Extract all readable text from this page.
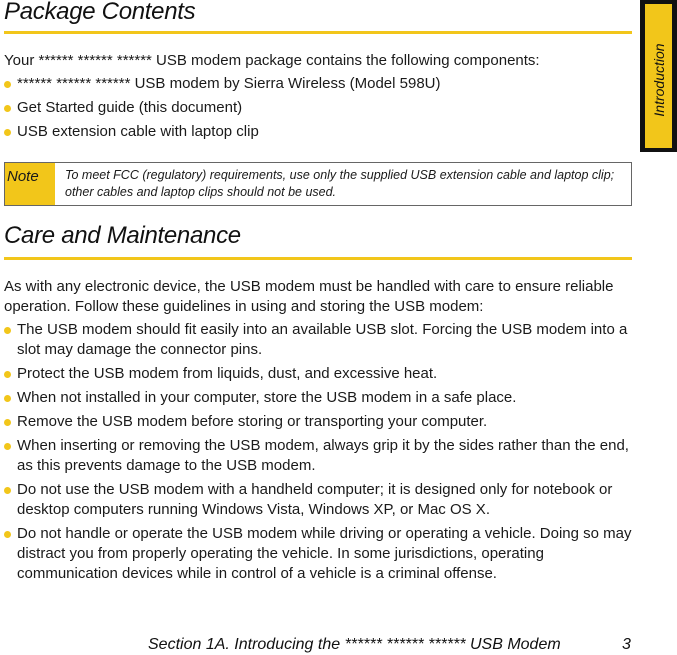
Introduction
Package Contents

Your ****** ****** ****** USB modem package contains the following components:

****** ****** ****** USB modem by Sierra Wireless (Model 598U)
Get Started guide (this document)
USB extension cable with laptop clip
Note	To meet FCC (regulatory) requirements, use only the supplied USB extension cable and laptop clip; other cables and laptop clips should not be used.
Care and Maintenance

As with any electronic device, the USB modem must be handled with care to ensure reliable operation. Follow these guidelines in using and storing the USB modem:

The USB modem should fit easily into an available USB slot. Forcing the USB modem into a slot may damage the connector pins.
Protect the USB modem from liquids, dust, and excessive heat.
When not installed in your computer, store the USB modem in a safe place.
Remove the USB modem before storing or transporting your computer.
When inserting or removing the USB modem, always grip it by the sides rather than the end, as this prevents damage to the USB modem.
Do not use the USB modem with a handheld computer; it is designed only for notebook or desktop computers running Windows Vista, Windows XP, or Mac OS X.
Do not handle or operate the USB modem while driving or operating a vehicle. Doing so may distract you from properly operating the vehicle. In some jurisdictions, operating communication devices while in control of a vehicle is a criminal offense.
Section 1A. Introducing the ****** ****** ****** USB Modem	3
